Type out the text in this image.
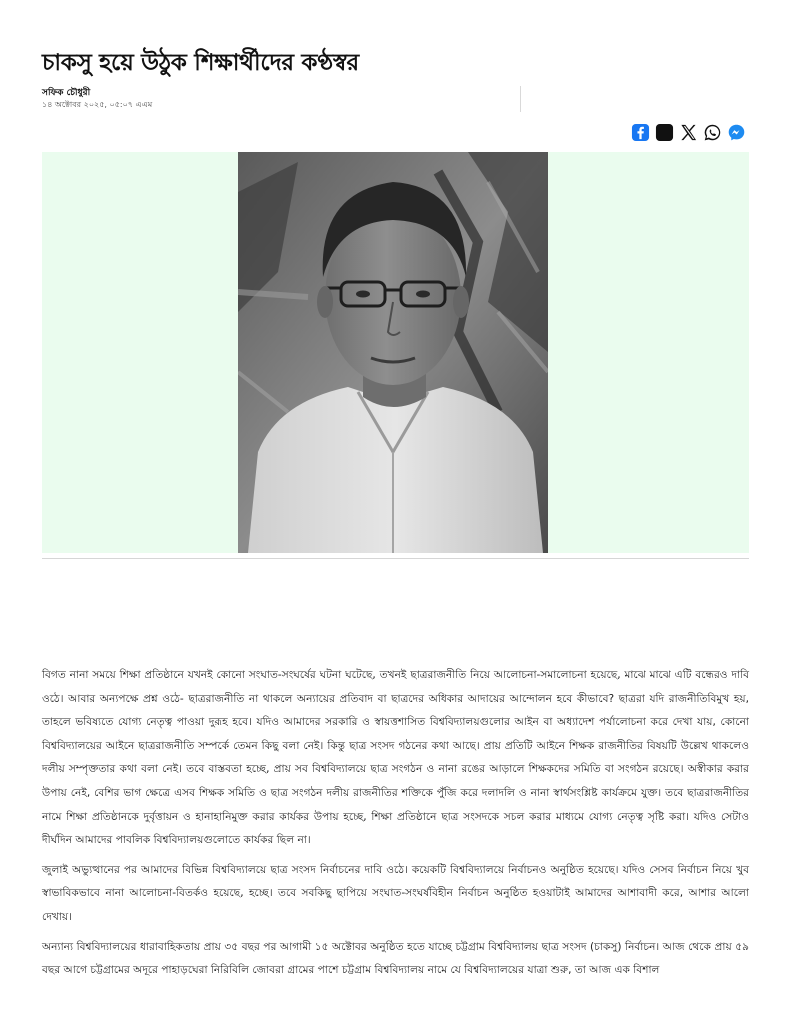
চাকসু হয়ে উঠুক শিক্ষার্থীদের কণ্ঠস্বর
সফিক চৌধুরী
১৪ অক্টোবর ২০২৫, ০৫:০৭ এএম

বিগত নানা সময়ে শিক্ষা প্রতিষ্ঠানে যখনই কোনো সংঘাত-সংঘর্ষের ঘটনা ঘটেছে, তখনই ছাত্ররাজনীতি নিয়ে আলোচনা-সমালোচনা হয়েছে, মাঝে মাঝে এটি বন্ধেরও দাবি ওঠে। আবার অন্যপক্ষে প্রশ্ন ওঠে- ছাত্ররাজনীতি না থাকলে অন্যায়ের প্রতিবাদ বা ছাত্রদের অধিকার আদায়ের আন্দোলন হবে কীভাবে? ছাত্ররা যদি রাজনীতিবিমুখ হয়, তাহলে ভবিষ্যতে যোগ্য নেতৃত্ব পাওয়া দুরূহ হবে। যদিও আমাদের সরকারি ও স্বায়ত্তশাসিত বিশ্ববিদ্যালয়গুলোর আইন বা অধ্যাদেশ পর্যালোচনা করে দেখা যায়, কোনো বিশ্ববিদ্যালয়ের আইনে ছাত্ররাজনীতি সম্পর্কে তেমন কিছু বলা নেই। কিন্তু ছাত্র সংসদ গঠনের কথা আছে। প্রায় প্রতিটি আইনে শিক্ষক রাজনীতির বিষয়টি উল্লেখ থাকলেও দলীয় সম্পৃক্ততার কথা বলা নেই। তবে বাস্তবতা হচ্ছে, প্রায় সব বিশ্ববিদ্যালয়ে ছাত্র সংগঠন ও নানা রঙের আড়ালে শিক্ষকদের সমিতি বা সংগঠন রয়েছে। অস্বীকার করার উপায় নেই, বেশির ভাগ ক্ষেত্রে এসব শিক্ষক সমিতি ও ছাত্র সংগঠন দলীয় রাজনীতির শক্তিকে পুঁজি করে দলাদলি ও নানা স্বার্থসংশ্লিষ্ট কার্যক্রমে যুক্ত। তবে ছাত্ররাজনীতির নামে শিক্ষা প্রতিষ্ঠানকে দুর্বৃত্তায়ন ও হানাহানিমুক্ত করার কার্যকর উপায় হচ্ছে, শিক্ষা প্রতিষ্ঠানে ছাত্র সংসদকে সচল করার মাধ্যমে যোগ্য নেতৃত্ব সৃষ্টি করা। যদিও সেটাও দীর্ঘদিন আমাদের পাবলিক বিশ্ববিদ্যালয়গুলোতে কার্যকর ছিল না।

জুলাই অভ্যুত্থানের পর আমাদের বিভিন্ন বিশ্ববিদ্যালয়ে ছাত্র সংসদ নির্বাচনের দাবি ওঠে। কয়েকটি বিশ্ববিদ্যালয়ে নির্বাচনও অনুষ্ঠিত হয়েছে। যদিও সেসব নির্বাচন নিয়ে খুব স্বাভাবিকভাবে নানা আলোচনা-বিতর্কও হয়েছে, হচ্ছে। তবে সবকিছু ছাপিয়ে সংঘাত-সংঘর্ষবিহীন নির্বাচন অনুষ্ঠিত হওয়াটাই আমাদের আশাবাদী করে, আশার আলো দেখায়।

অন্যান্য বিশ্ববিদ্যালয়ের ধারাবাহিকতায় প্রায় ৩৫ বছর পর আগামী ১৫ অক্টোবর অনুষ্ঠিত হতে যাচ্ছে চট্টগ্রাম বিশ্ববিদ্যালয় ছাত্র সংসদ (চাকসু) নির্বাচন। আজ থেকে প্রায় ৫৯ বছর আগে চট্টগ্রামের অদূরে পাহাড়ঘেরা নিরিবিলি জোবরা গ্রামের পাশে চট্টগ্রাম বিশ্ববিদ্যালয় নামে যে বিশ্ববিদ্যালয়ের যাত্রা শুরু, তা আজ এক বিশাল
